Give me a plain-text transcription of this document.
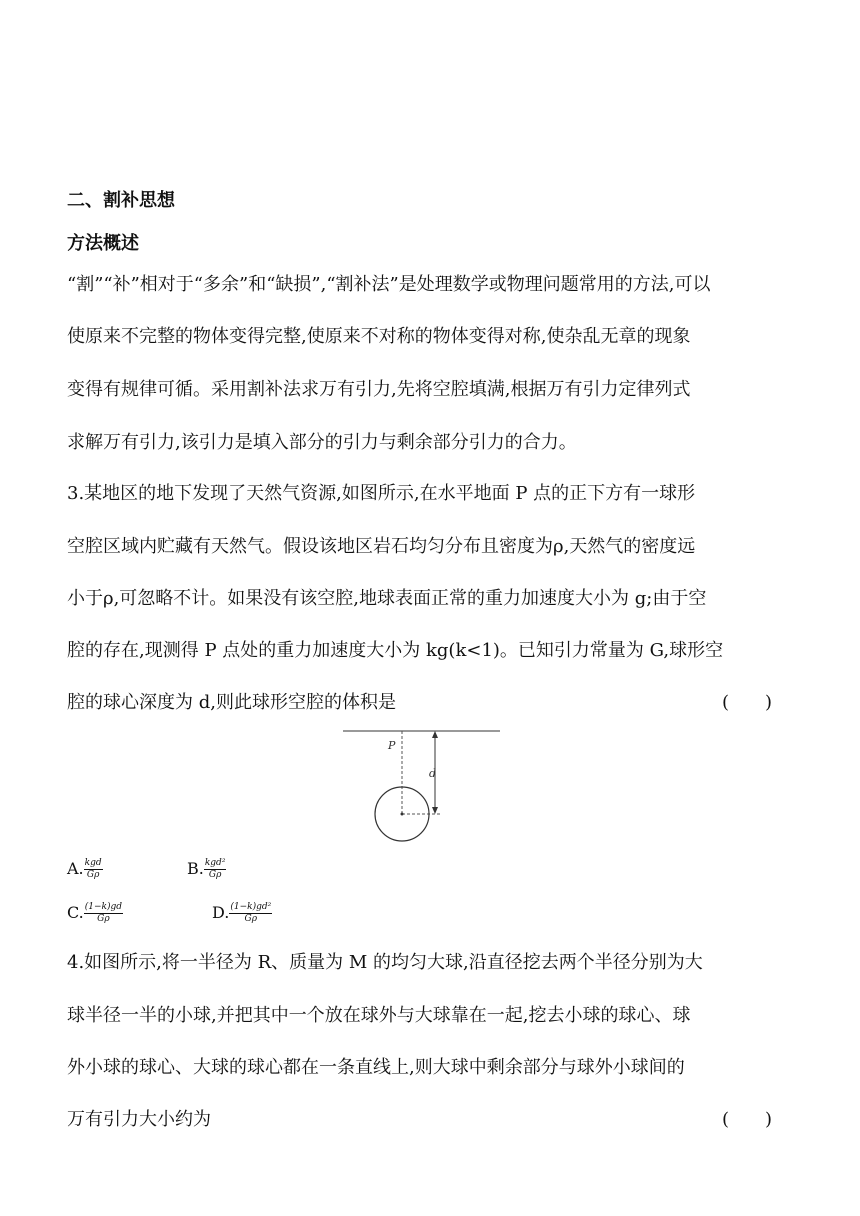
二、割补思想
方法概述
“割”“补”相对于“多余”和“缺损”,“割补法”是处理数学或物理问题常用的方法,可以
使原来不完整的物体变得完整,使原来不对称的物体变得对称,使杂乱无章的现象
变得有规律可循。采用割补法求万有引力,先将空腔填满,根据万有引力定律列式
求解万有引力,该引力是填入部分的引力与剩余部分引力的合力。
3.某地区的地下发现了天然气资源,如图所示,在水平地面 P 点的正下方有一球形
空腔区域内贮藏有天然气。假设该地区岩石均匀分布且密度为ρ,天然气的密度远
小于ρ,可忽略不计。如果没有该空腔,地球表面正常的重力加速度大小为 g;由于空
腔的存在,现测得 P 点处的重力加速度大小为 kg(k<1)。已知引力常量为 G,球形空
腔的球心深度为 d,则此球形空腔的体积是	(　　)
P
d
A. $\frac{\text{kgd}}{G\rho}$	B. $\frac{\text{kgd²}}{G\rho}$
C. $\frac{(1-k)gd}{G\rho}$	D. $\frac{\text{(1−k)gd²}}{G\rho}$
4.如图所示,将一半径为 R、质量为 M 的均匀大球,沿直径挖去两个半径分别为大
球半径一半的小球,并把其中一个放在球外与大球靠在一起,挖去小球的球心、球
外小球的球心、大球的球心都在一条直线上,则大球中剩余部分与球外小球间的
万有引力大小约为	(　　)
